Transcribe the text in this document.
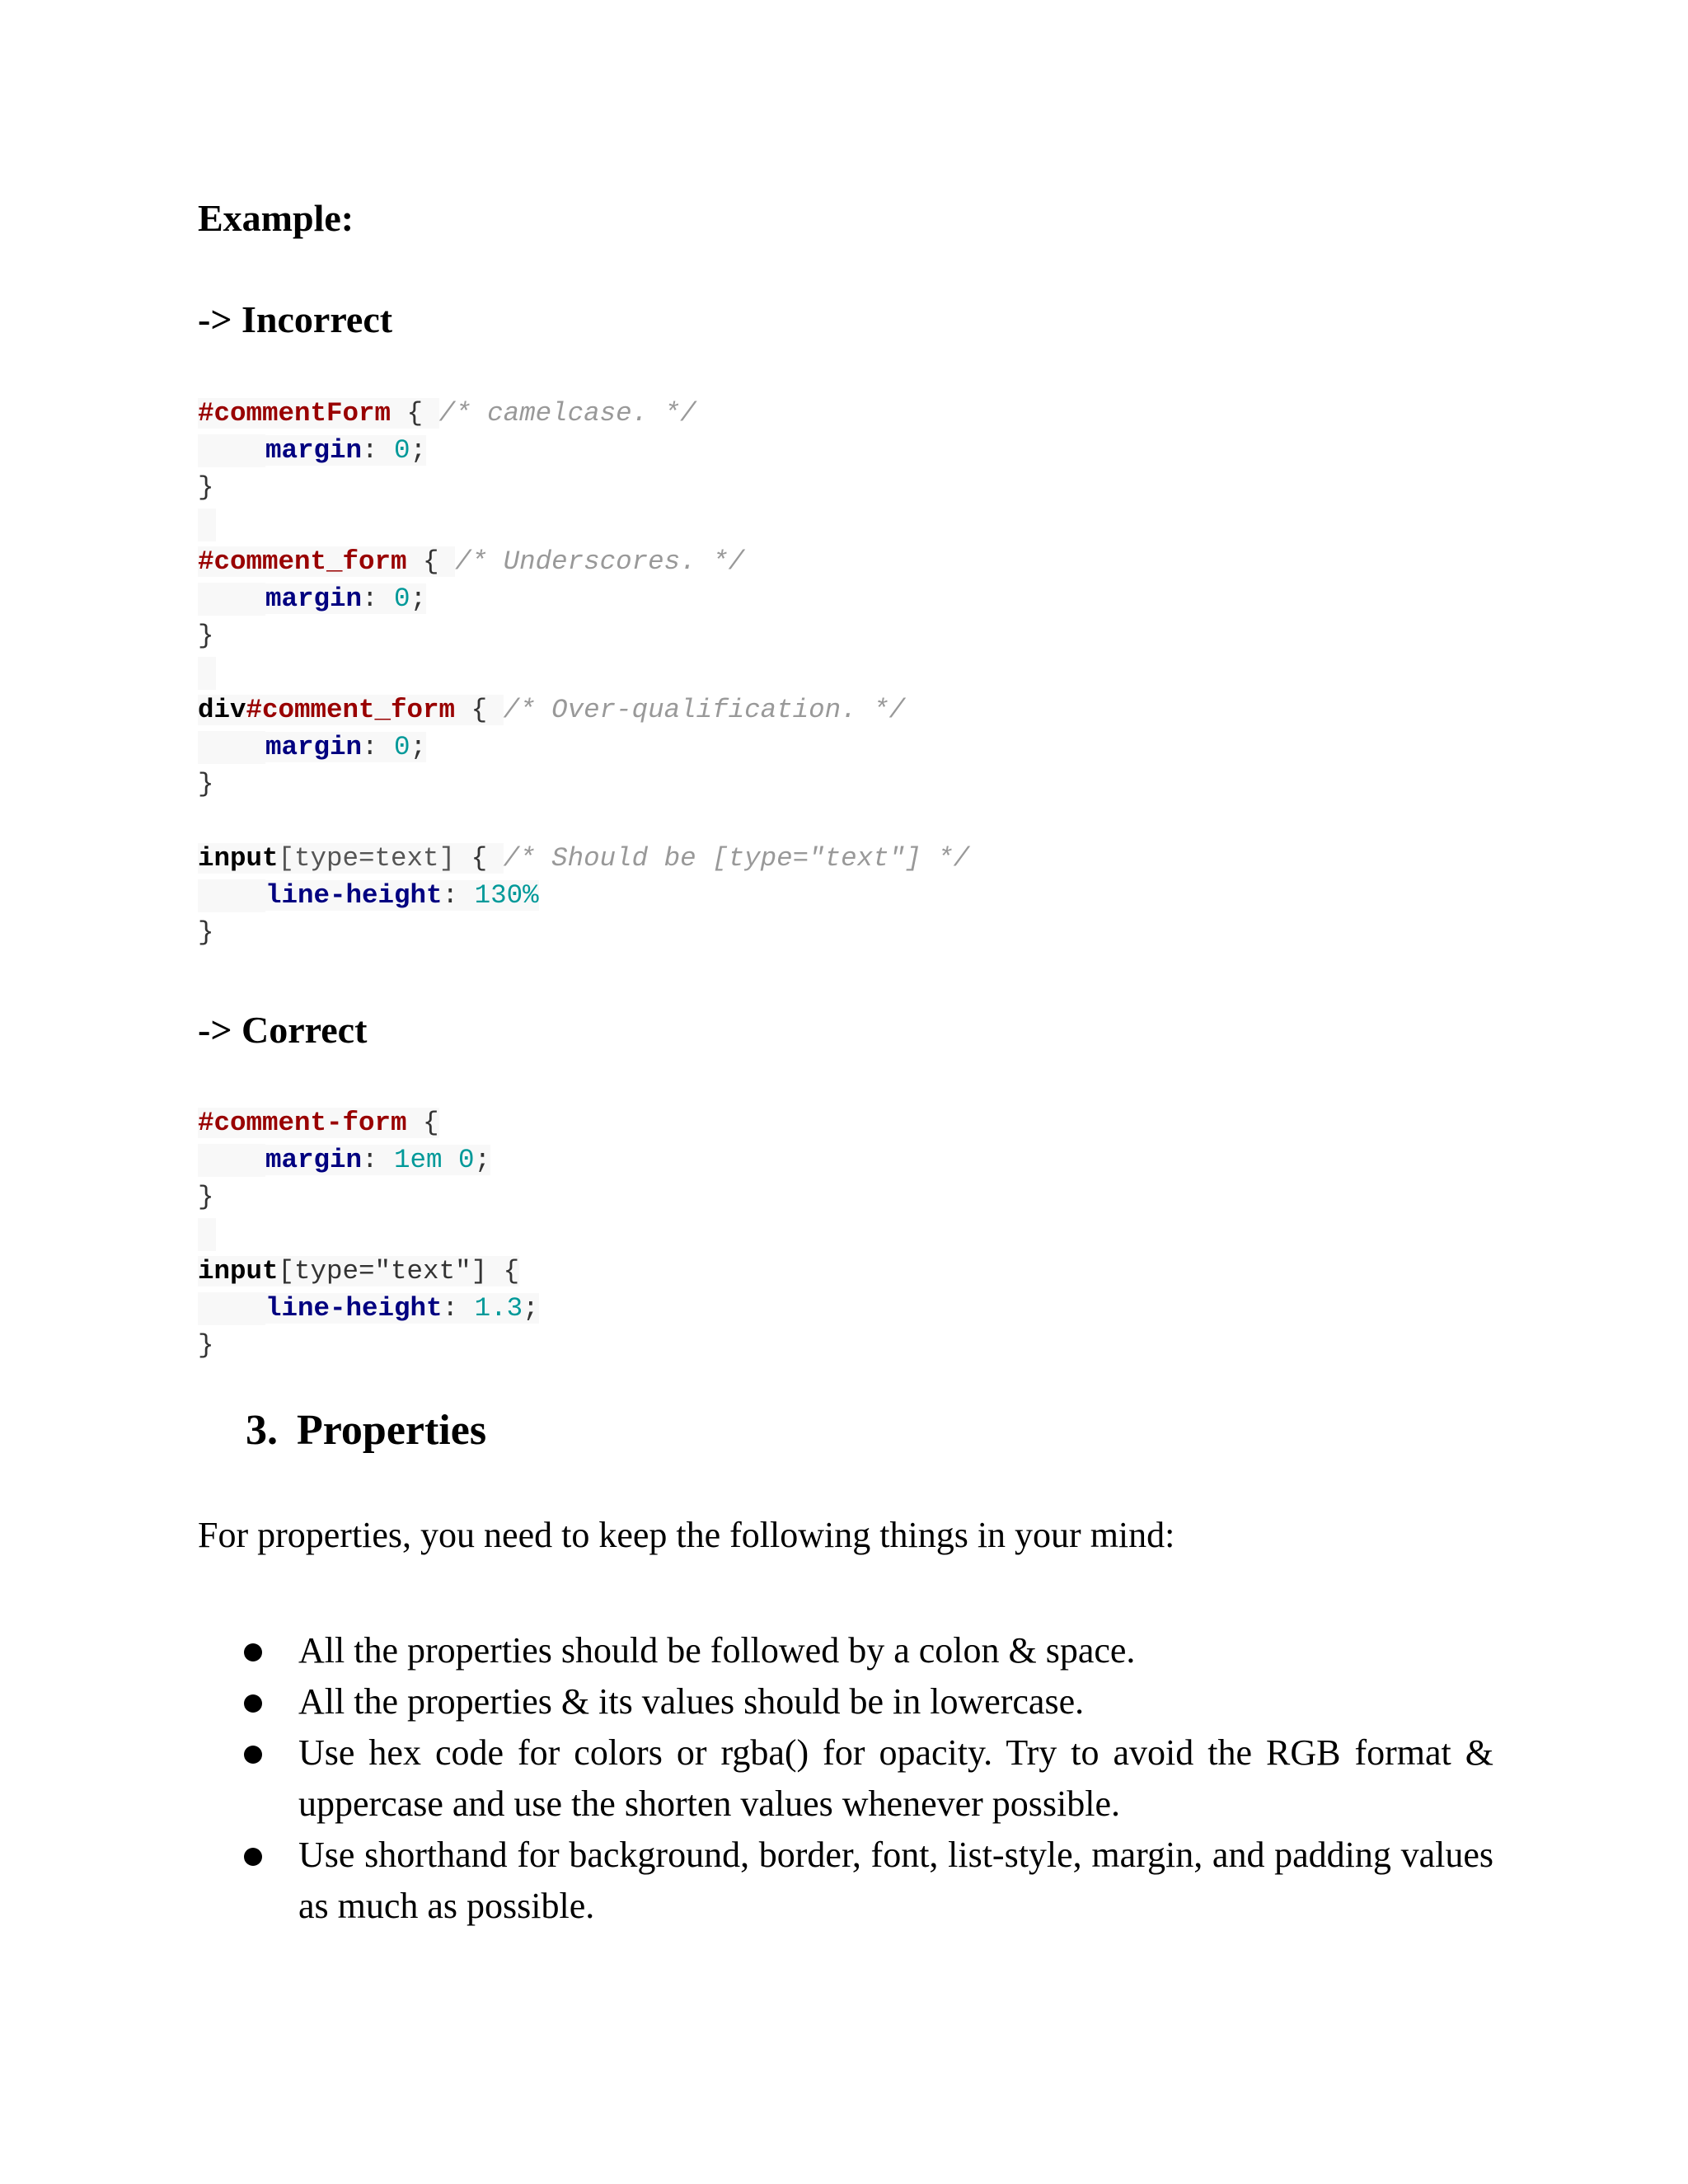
Example:
-> Incorrect
#commentForm { /* camelcase. */
margin: 0;
}
#comment_form { /* Underscores. */
margin: 0;
}
div#comment_form { /* Over-qualification. */
margin: 0;
}
input[type=text] { /* Should be [type="text"] */
line-height: 130%
}
-> Correct
#comment-form {
margin: 1em 0;
}
input[type="text"] {
line-height: 1.3;
}
3. Properties
For properties, you need to keep the following things in your mind:
All the properties should be followed by a colon & space.
All the properties & its values should be in lowercase.
Use hex code for colors or rgba() for opacity. Try to avoid the RGB format & uppercase and use the shorten values whenever possible.
Use shorthand for background, border, font, list-style, margin, and padding values as much as possible.
